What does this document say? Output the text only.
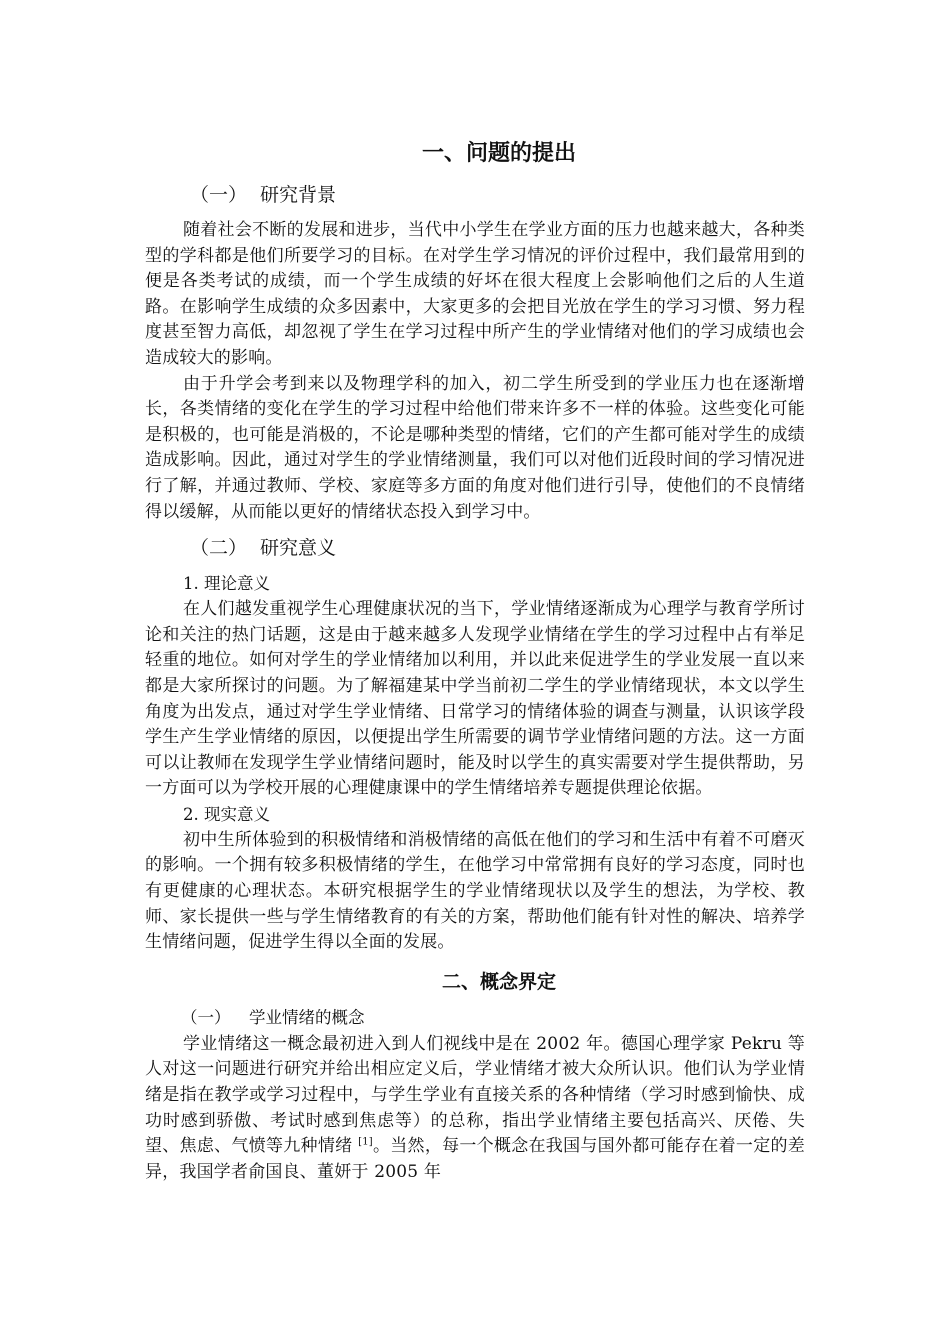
一、问题的提出
（一） 研究背景

随着社会不断的发展和进步，当代中小学生在学业方面的压力也越来越大，各种类型的学科都是他们所要学习的目标。在对学生学习情况的评价过程中，我们最常用到的便是各类考试的成绩，而一个学生成绩的好坏在很大程度上会影响他们之后的人生道路。在影响学生成绩的众多因素中，大家更多的会把目光放在学生的学习习惯、努力程度甚至智力高低，却忽视了学生在学习过程中所产生的学业情绪对他们的学习成绩也会造成较大的影响。

由于升学会考到来以及物理学科的加入，初二学生所受到的学业压力也在逐渐增长，各类情绪的变化在学生的学习过程中给他们带来许多不一样的体验。这些变化可能是积极的，也可能是消极的，不论是哪种类型的情绪，它们的产生都可能对学生的成绩造成影响。因此，通过对学生的学业情绪测量，我们可以对他们近段时间的学习情况进行了解，并通过教师、学校、家庭等多方面的角度对他们进行引导，使他们的不良情绪得以缓解，从而能以更好的情绪状态投入到学习中。

（二） 研究意义
1. 理论意义

在人们越发重视学生心理健康状况的当下，学业情绪逐渐成为心理学与教育学所讨论和关注的热门话题，这是由于越来越多人发现学业情绪在学生的学习过程中占有举足轻重的地位。如何对学生的学业情绪加以利用，并以此来促进学生的学业发展一直以来都是大家所探讨的问题。为了解福建某中学当前初二学生的学业情绪现状，本文以学生角度为出发点，通过对学生学业情绪、日常学习的情绪体验的调查与测量，认识该学段学生产生学业情绪的原因，以便提出学生所需要的调节学业情绪问题的方法。这一方面可以让教师在发现学生学业情绪问题时，能及时以学生的真实需要对学生提供帮助，另一方面可以为学校开展的心理健康课中的学生情绪培养专题提供理论依据。

2. 现实意义

初中生所体验到的积极情绪和消极情绪的高低在他们的学习和生活中有着不可磨灭的影响。一个拥有较多积极情绪的学生，在他学习中常常拥有良好的学习态度，同时也有更健康的心理状态。本研究根据学生的学业情绪现状以及学生的想法，为学校、教师、家长提供一些与学生情绪教育的有关的方案，帮助他们能有针对性的解决、培养学生情绪问题，促进学生得以全面的发展。

二、概念界定
（一） 学业情绪的概念

学业情绪这一概念最初进入到人们视线中是在 2002 年。德国心理学家 Pekru 等人对这一问题进行研究并给出相应定义后，学业情绪才被大众所认识。他们认为学业情绪是指在教学或学习过程中，与学生学业有直接关系的各种情绪（学习时感到愉快、成功时感到骄傲、考试时感到焦虑等）的总称，指出学业情绪主要包括高兴、厌倦、失望、焦虑、气愤等九种情绪 [1]。当然，每一个概念在我国与国外都可能存在着一定的差异，我国学者俞国良、董妍于 2005 年
